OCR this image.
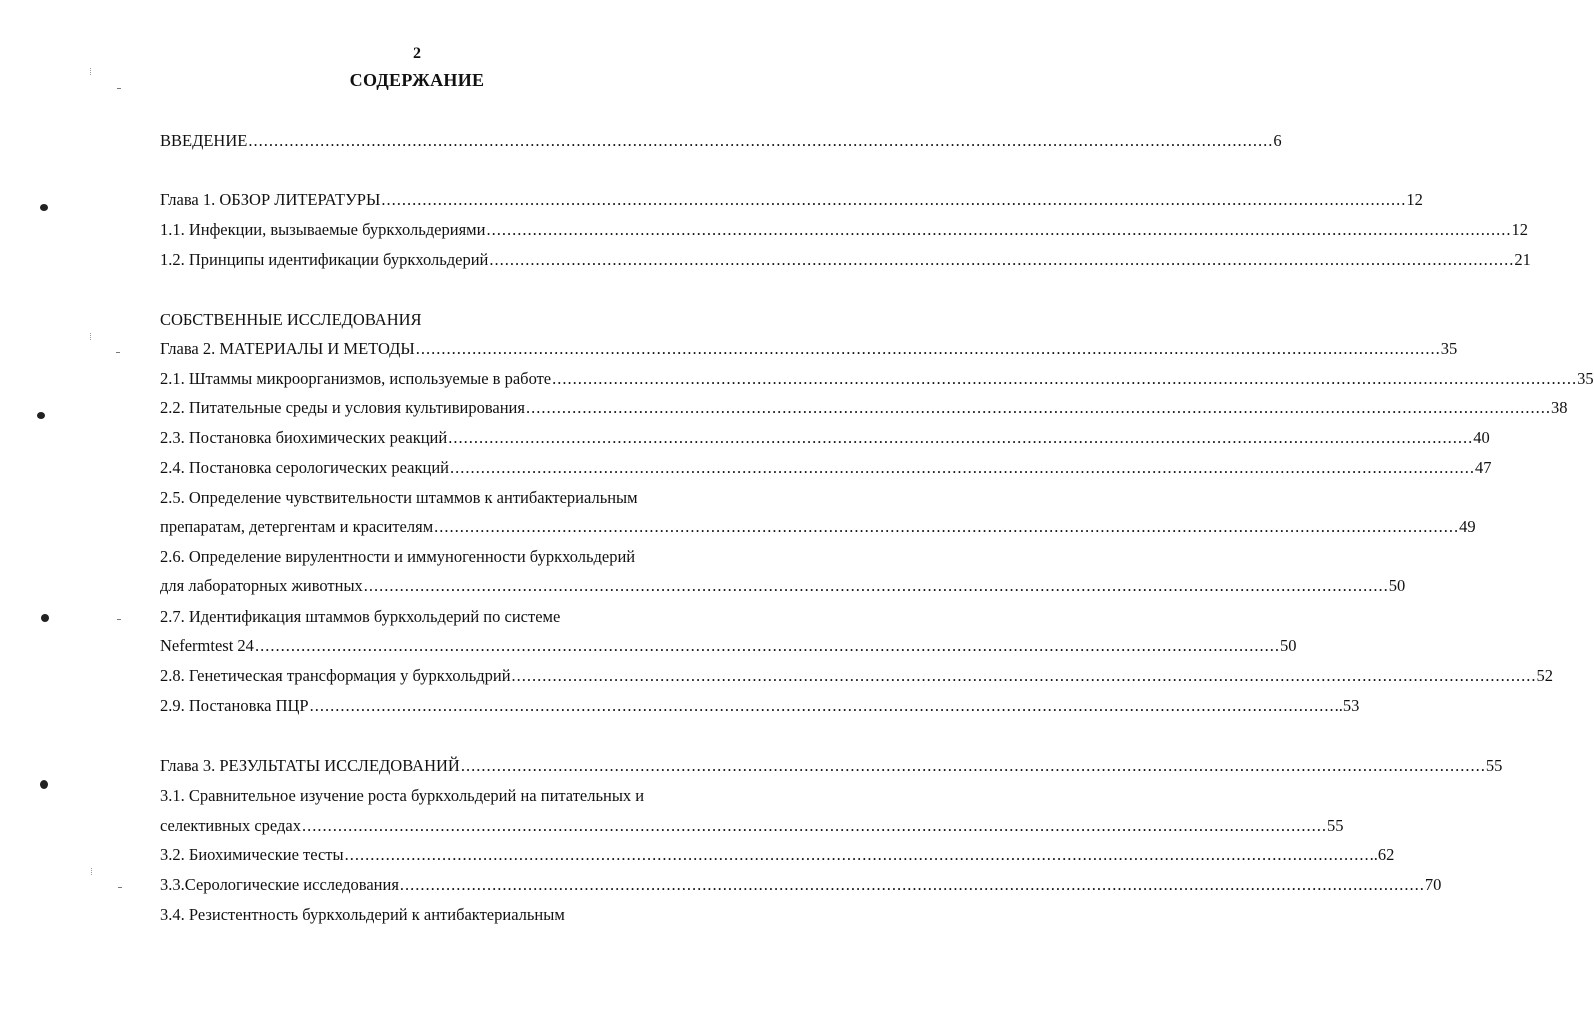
2
СОДЕРЖАНИЕ
ВВЕДЕНИЕ ........................................................................................................................................................................................................ 6
Глава 1. ОБЗОР ЛИТЕРАТУРЫ ........................................................................................................................................................................................................ 12
1.1. Инфекции, вызываемые буркхольдериями ........................................................................................................................................................................................................ 12
1.2. Принципы идентификации буркхольдерий ........................................................................................................................................................................................................ 21
СОБСТВЕННЫЕ ИССЛЕДОВАНИЯ
Глава 2. МАТЕРИАЛЫ И МЕТОДЫ ........................................................................................................................................................................................................ 35
2.1. Штаммы микроорганизмов, используемые в работе ........................................................................................................................................................................................................ 35
2.2. Питательные среды и условия культивирования ........................................................................................................................................................................................................ 38
2.3. Постановка биохимических реакций ........................................................................................................................................................................................................ 40
2.4. Постановка серологических реакций ........................................................................................................................................................................................................ 47
2.5. Определение чувствительности штаммов к антибактериальным
препаратам, детергентам и красителям ........................................................................................................................................................................................................ 49
2.6. Определение вирулентности и иммуногенности буркхольдерий
для лабораторных животных ........................................................................................................................................................................................................ 50
2.7. Идентификация штаммов буркхольдерий по системе
Nefermtest 24 ........................................................................................................................................................................................................ 50
2.8. Генетическая трансформация у буркхольдрий ........................................................................................................................................................................................................ 52
2.9. Постановка ПЦР ........................................................................................................................................................................................................ ..53
Глава 3. РЕЗУЛЬТАТЫ ИССЛЕДОВАНИЙ ........................................................................................................................................................................................................ 55
3.1. Сравнительное изучение роста буркхольдерий на питательных и
селективных средах ........................................................................................................................................................................................................ 55
3.2. Биохимические тесты ........................................................................................................................................................................................................ ..62
3.3.Серологические исследования ........................................................................................................................................................................................................ 70
3.4. Резистентность буркхольдерий к антибактериальным
